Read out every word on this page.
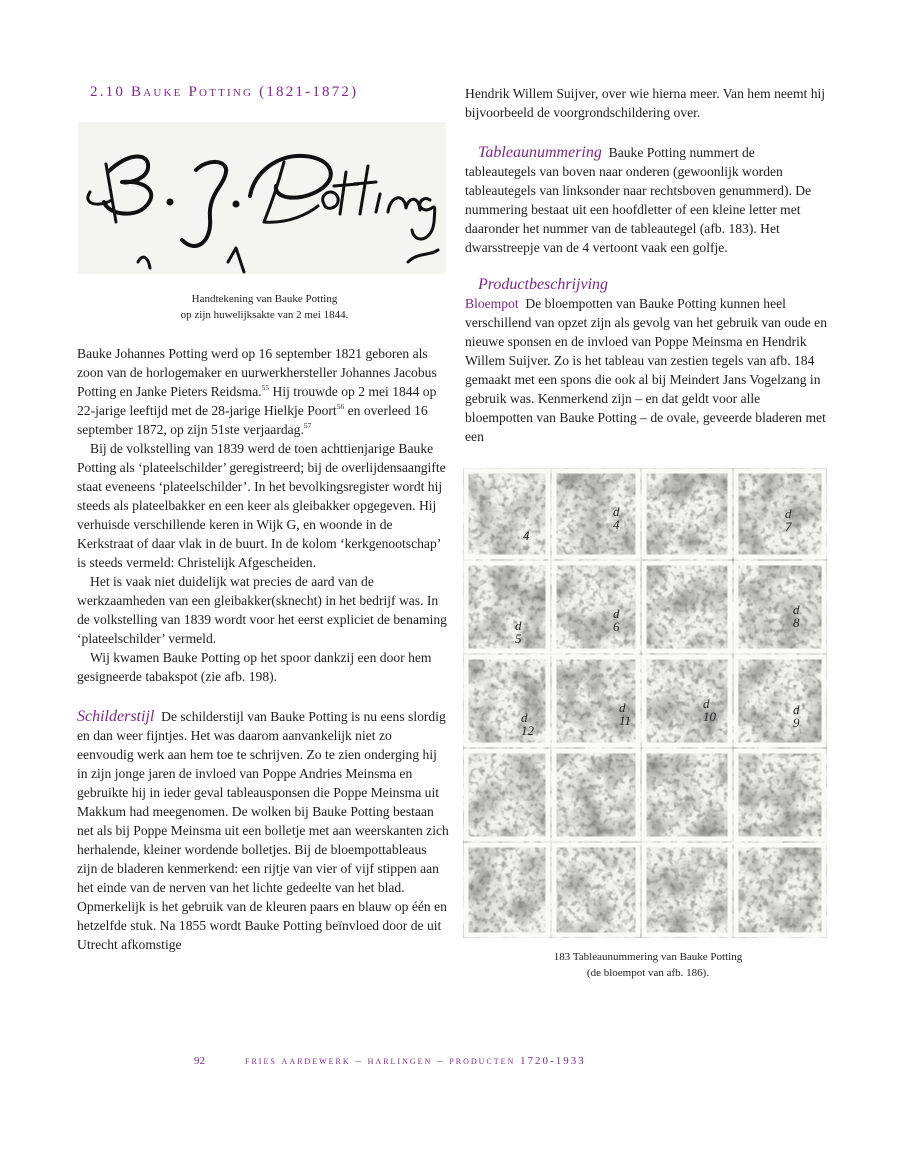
2.10 Bauke Potting (1821-1872)
Handtekening van Bauke Potting
op zijn huwelijksakte van 2 mei 1844.

Bauke Johannes Potting werd op 16 september 1821 geboren als zoon van de horlogemaker en uurwerkhersteller Johannes Jacobus Potting en Janke Pieters Reidsma.$^{55}$ Hij trouwde op 2 mei 1844 op 22-jarige leeftijd met de 28-jarige Hielkje Poort$^{56}$ en overleed 16 september 1872, op zijn 51ste verjaardag.$^{57}$

Bij de volkstelling van 1839 werd de toen achttienjarige Bauke Potting als ‘plateelschilder’ geregistreerd; bij de overlijdensaangifte staat eveneens ‘plateelschilder’. In het bevolkingsregister wordt hij steeds als plateelbakker en een keer als gleibakker opgegeven. Hij verhuisde verschillende keren in Wijk G, en woonde in de Kerkstraat of daar vlak in de buurt. In de kolom ‘kerkgenootschap’ is steeds vermeld: Christelijk Afgescheiden.

Het is vaak niet duidelijk wat precies de aard van de werkzaamheden van een gleibakker(sknecht) in het bedrijf was. In de volkstelling van 1839 wordt voor het eerst expliciet de benaming ‘plateelschilder’ vermeld.

Wij kwamen Bauke Potting op het spoor dankzij een door hem gesigneerde tabakspot (zie afb. 198).

Schilderstijl De schilderstijl van Bauke Potting is nu eens slordig en dan weer fijntjes. Het was daarom aanvankelijk niet zo eenvoudig werk aan hem toe te schrijven. Zo te zien onderging hij in zijn jonge jaren de invloed van Poppe Andries Meinsma en gebruikte hij in ieder geval tableausponsen die Poppe Meinsma uit Makkum had meegenomen. De wolken bij Bauke Potting bestaan net als bij Poppe Meinsma uit een bolletje met aan weerskanten zich herhalende, kleiner wordende bolletjes. Bij de bloempottableaus zijn de bladeren kenmerkend: een rijtje van vier of vijf stippen aan het einde van de nerven van het lichte gedeelte van het blad. Opmerkelijk is het gebruik van de kleuren paars en blauw op één en hetzelfde stuk. Na 1855 wordt Bauke Potting beïnvloed door de uit Utrecht afkomstige

Hendrik Willem Suijver, over wie hierna meer. Van hem neemt hij bijvoorbeeld de voorgrondschildering over.

Tableaunummering Bauke Potting nummert de tableautegels van boven naar onderen (gewoonlijk worden tableautegels van linksonder naar rechtsboven genummerd). De nummering bestaat uit een hoofdletter of een kleine letter met daaronder het nummer van de tableautegel (afb. 183). Het dwarsstreepje van de 4 vertoont vaak een golfje.

Productbeschrijving

Bloempot De bloempotten van Bauke Potting kunnen heel verschillend van opzet zijn als gevolg van het gebruik van oude en nieuwe sponsen en de invloed van Poppe Meinsma en Hendrik Willem Suijver. Zo is het tableau van zestien tegels van afb. 184 gemaakt met een spons die ook al bij Meindert Jans Vogelzang in gebruik was. Kenmerkend zijn – en dat geldt voor alle bloempotten van Bauke Potting – de ovale, geveerde bladeren met een

4
d
4
d
7
d
5
d
6
d
8
d
12
d
11
d
10	d
9
183 Tableaunummering van Bauke Potting
(de bloempot van afb. 186).
92	fries aardewerk – harlingen – producten 1720-1933
